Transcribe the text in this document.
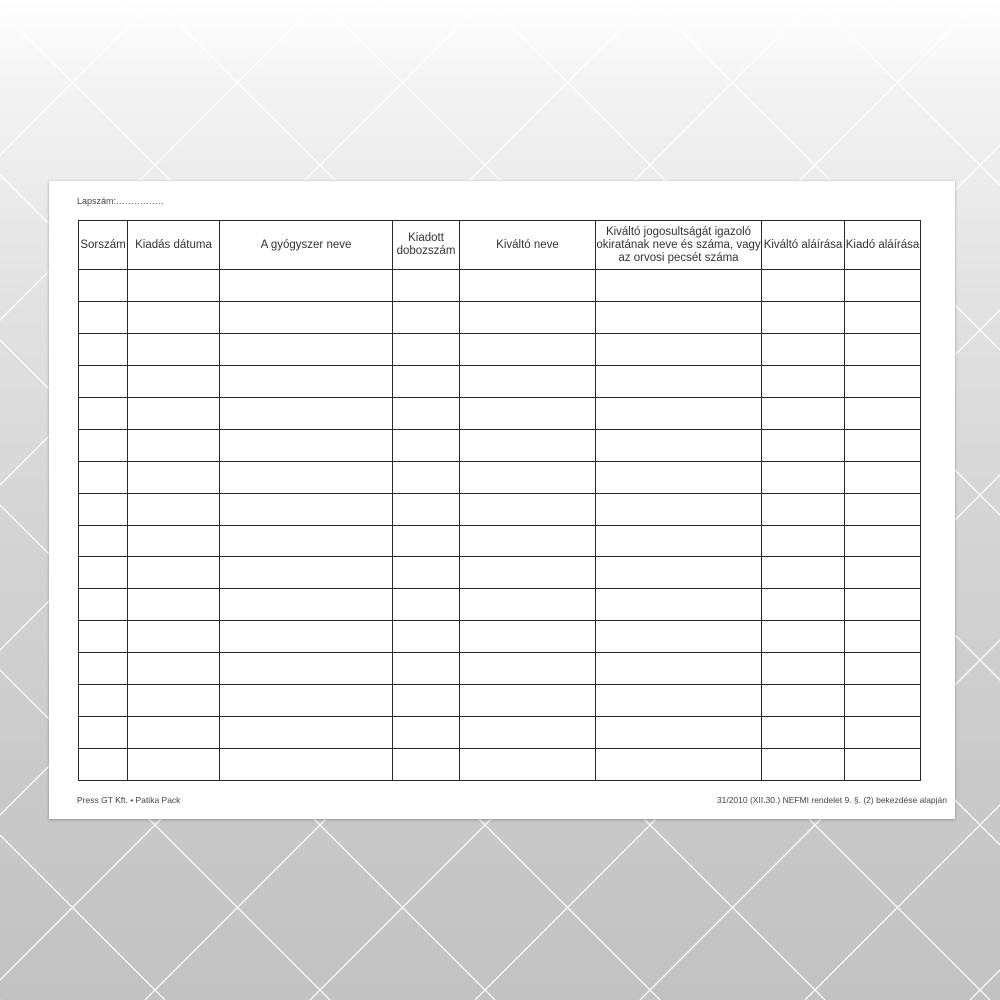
Lapszám:................
Sorszám	Kiadás dátuma	A gyógyszer neve	Kiadott dobozszám	Kiváltó neve	Kiváltó jogosultságát igazoló okiratának neve és száma, vagy az orvosi pecsét száma	Kiváltó aláírása	Kiadó aláírása

Press GT Kft. • Patika Pack	31/2010 (XII.30.) NEFMI rendelet 9. §. (2) bekezdése alapján
